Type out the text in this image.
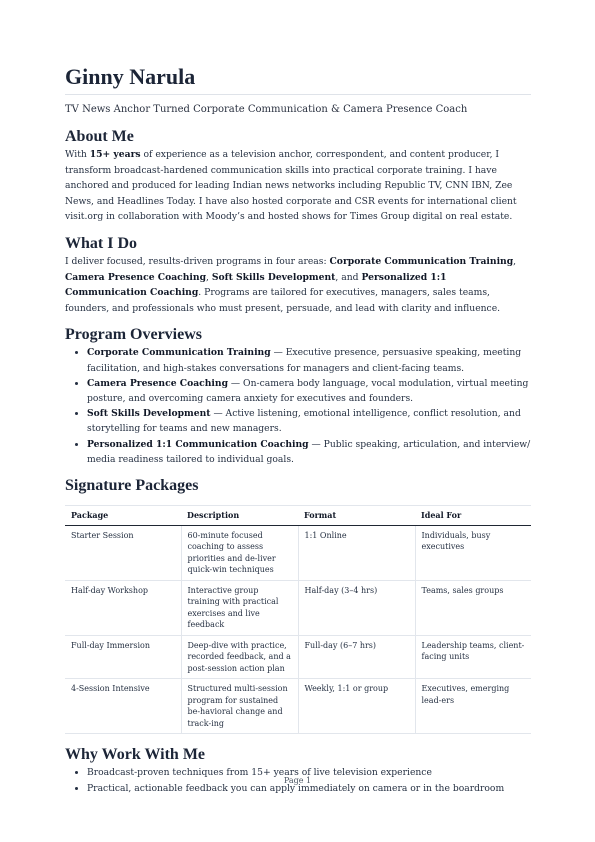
Ginny Narula
TV News Anchor Turned Corporate Communication & Camera Presence Coach
About Me

With 15+ years of experience as a television anchor, correspondent, and content producer, I transform broadcast-hardened communication skills into practical corporate training. I have anchored and produced for leading Indian news networks including Republic TV, CNN IBN, Zee News, and Headlines Today. I have also hosted corporate and CSR events for international client visit.org in collaboration with Moody’s and hosted shows for Times Group digital on real estate.

What I Do

I deliver focused, results-driven programs in four areas: Corporate Communication Training, Camera Presence Coaching, Soft Skills Development, and Personalized 1:1 Communication Coaching. Programs are tailored for executives, managers, sales teams, founders, and professionals who must present, persuade, and lead with clarity and influence.

Program Overviews
• Corporate Communication Training — Executive presence, persuasive speaking, meeting facilitation, and high-stakes conversations for managers and client-facing teams.
• Camera Presence Coaching — On-camera body language, vocal modulation, virtual meeting posture, and overcoming camera anxiety for executives and founders.
• Soft Skills Development — Active listening, emotional intelligence, conflict resolution, and storytelling for teams and new managers.
• Personalized 1:1 Communication Coaching — Public speaking, articulation, and interview/ media readiness tailored to individual goals.
Signature Packages
Package	Description	Format	Ideal For
Starter Session	60-minute focused coaching to assess priorities and de-liver quick-win techniques	1:1 Online	Individuals, busy executives
Half-day Workshop	Interactive group training with practical exercises and live feedback	Half-day (3–4 hrs)	Teams, sales groups
Full-day Immersion	Deep-dive with practice, recorded feedback, and a post-session action plan	Full-day (6–7 hrs)	Leadership teams, client-facing units
4-Session Intensive	Structured multi-session program for sustained be-havioral change and track-ing	Weekly, 1:1 or group	Executives, emerging lead-ers
Why Work With Me
• Broadcast-proven techniques from 15+ years of live television experience
• Practical, actionable feedback you can apply immediately on camera or in the boardroom
Page 1
